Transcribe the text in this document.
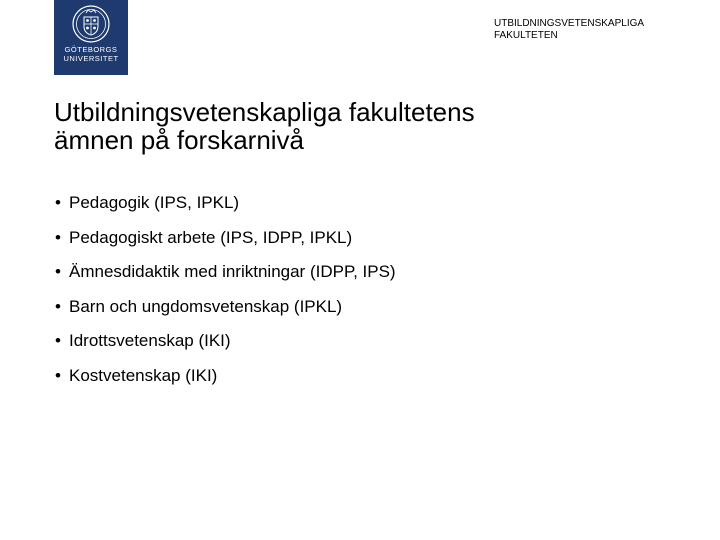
GÖTEBORGS
UNIVERSITET
UTBILDNINGSVETENSKAPLIGA
FAKULTETEN
Utbildningsvetenskapliga fakultetens
ämnen på forskarnivå
• Pedagogik (IPS, IPKL)
• Pedagogiskt arbete (IPS, IDPP, IPKL)
• Ämnesdidaktik med inriktningar (IDPP, IPS)
• Barn och ungdomsvetenskap (IPKL)
• Idrottsvetenskap (IKI)
• Kostvetenskap (IKI)
